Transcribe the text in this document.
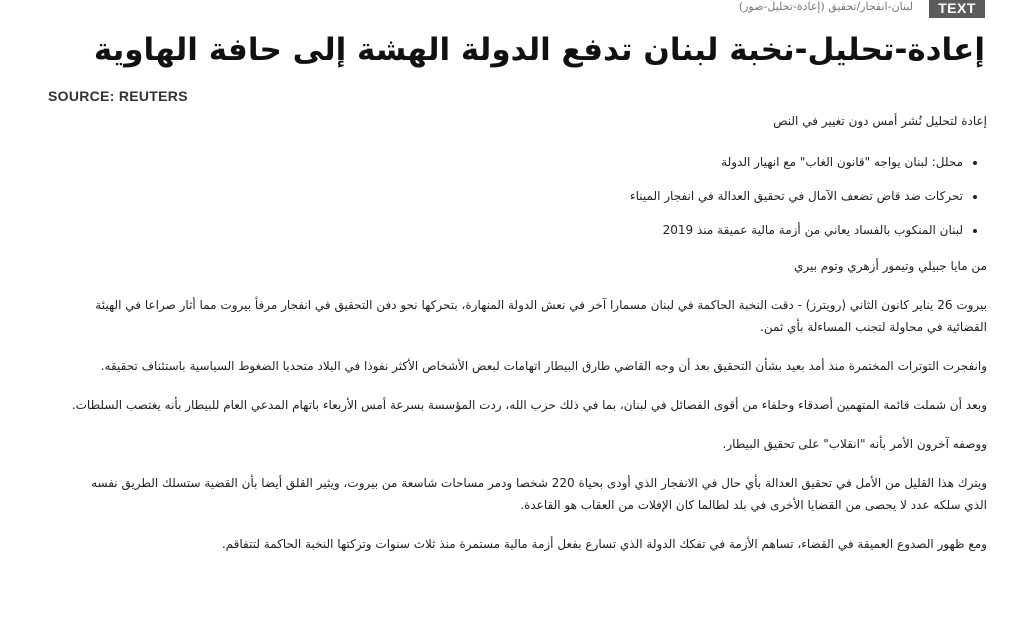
لبنان-انفجار/تحقيق (إعادة-تحليل-صور)	TEXT
إعادة-تحليل-نخبة لبنان تدفع الدولة الهشة إلى حافة الهاوية
SOURCE: REUTERS

إعادة لتحليل نُشر أمس دون تغيير في النص

• محلل: لبنان يواجه "قانون الغاب" مع انهيار الدولة
• تحركات ضد قاض تضعف الآمال في تحقيق العدالة في انفجار الميناء
• لبنان المنكوب بالفساد يعاني من أزمة مالية عميقة منذ 2019

من مايا جبيلي وتيمور أزهري وتوم بيري

بيروت 26 يناير كانون الثاني (رويترز) - دقت النخبة الحاكمة في لبنان مسمارا آخر في نعش الدولة المنهارة، بتحركها نحو دفن التحقيق في انفجار مرفأ بيروت مما أثار صراعا في الهيئة القضائية في محاولة لتجنب المساءلة بأي ثمن.

وانفجرت التوترات المختمرة منذ أمد بعيد بشأن التحقيق بعد أن وجه القاضي طارق البيطار اتهامات لبعض الأشخاص الأكثر نفوذا في البلاد متحديا الضغوط السياسية باستئناف تحقيقه.

وبعد أن شملت قائمة المتهمين أصدقاء وحلفاء من أقوى الفصائل في لبنان، بما في ذلك حزب الله، ردت المؤسسة بسرعة أمس الأربعاء باتهام المدعي العام للبيطار بأنه يغتصب السلطات.

ووصفه آخرون الأمر بأنه "انقلاب" على تحقيق البيطار.

ويترك هذا القليل من الأمل في تحقيق العدالة بأي حال في الانفجار الذي أودى بحياة 220 شخصا ودمر مساحات شاسعة من بيروت، ويثير القلق أيضا بأن القضية ستسلك الطريق نفسه الذي سلكه عدد لا يحصى من القضايا الأخرى في بلد لطالما كان الإفلات من العقاب هو القاعدة.

ومع ظهور الصدوع العميقة في القضاء، تساهم الأزمة في تفكك الدولة الذي تسارع بفعل أزمة مالية مستمرة منذ ثلاث سنوات وتركتها النخبة الحاكمة لتتفاقم.
